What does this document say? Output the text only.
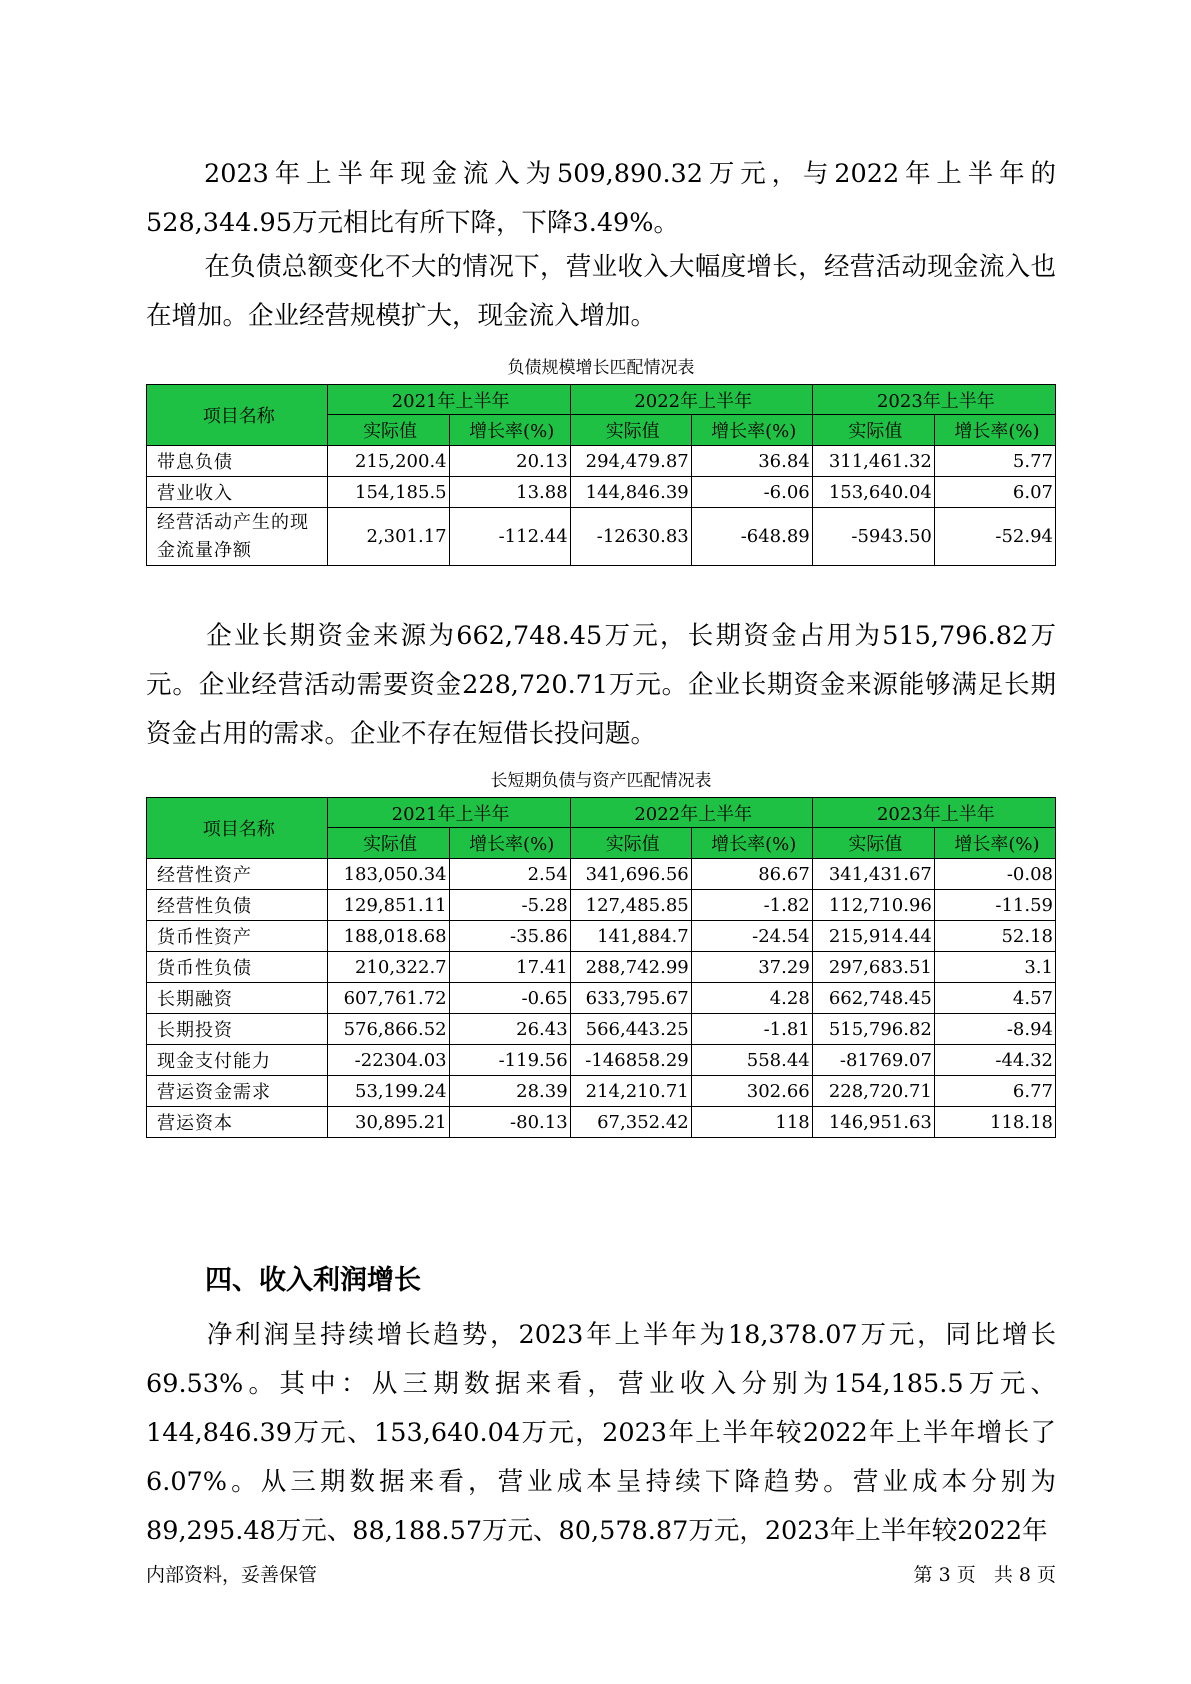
2023年上半年现金流入为509,890.32万元，与2022年上半年的528,344.95万元相比有所下降，下降3.49%。

在负债总额变化不大的情况下，营业收入大幅度增长，经营活动现金流入也在增加。企业经营规模扩大，现金流入增加。

负债规模增长匹配情况表
项目名称	2021年上半年		2022年上半年		2023年上半年	
	实际值	增长率(%)	实际值	增长率(%)	实际值	增长率(%)
带息负债	215,200.4	20.13	294,479.87	36.84	311,461.32	5.77
营业收入	154,185.5	13.88	144,846.39	-6.06	153,640.04	6.07
经营活动产生的现金流量净额	2,301.17	-112.44	-12630.83	-648.89	-5943.50	-52.94

企业长期资金来源为662,748.45万元，长期资金占用为515,796.82万元。企业经营活动需要资金228,720.71万元。企业长期资金来源能够满足长期资金占用的需求。企业不存在短借长投问题。

长短期负债与资产匹配情况表
项目名称	2021年上半年		2022年上半年		2023年上半年	
	实际值	增长率(%)	实际值	增长率(%)	实际值	增长率(%)
经营性资产	183,050.34	2.54	341,696.56	86.67	341,431.67	-0.08
经营性负债	129,851.11	-5.28	127,485.85	-1.82	112,710.96	-11.59
货币性资产	188,018.68	-35.86	141,884.7	-24.54	215,914.44	52.18
货币性负债	210,322.7	17.41	288,742.99	37.29	297,683.51	3.1
长期融资	607,761.72	-0.65	633,795.67	4.28	662,748.45	4.57
长期投资	576,866.52	26.43	566,443.25	-1.81	515,796.82	-8.94
现金支付能力	-22304.03	-119.56	-146858.29	558.44	-81769.07	-44.32
营运资金需求	53,199.24	28.39	214,210.71	302.66	228,720.71	6.77
营运资本	30,895.21	-80.13	67,352.42	118	146,951.63	118.18
四、收入利润增长

净利润呈持续增长趋势，2023年上半年为18,378.07万元，同比增长69.53%。其中：从三期数据来看，营业收入分别为154,185.5万元、144,846.39万元、153,640.04万元，2023年上半年较2022年上半年增长了6.07%。从三期数据来看，营业成本呈持续下降趋势。营业成本分别为89,295.48万元、88,188.57万元、80,578.87万元，2023年上半年较2022年

内部资料，妥善保管	第 3 页   共 8 页
